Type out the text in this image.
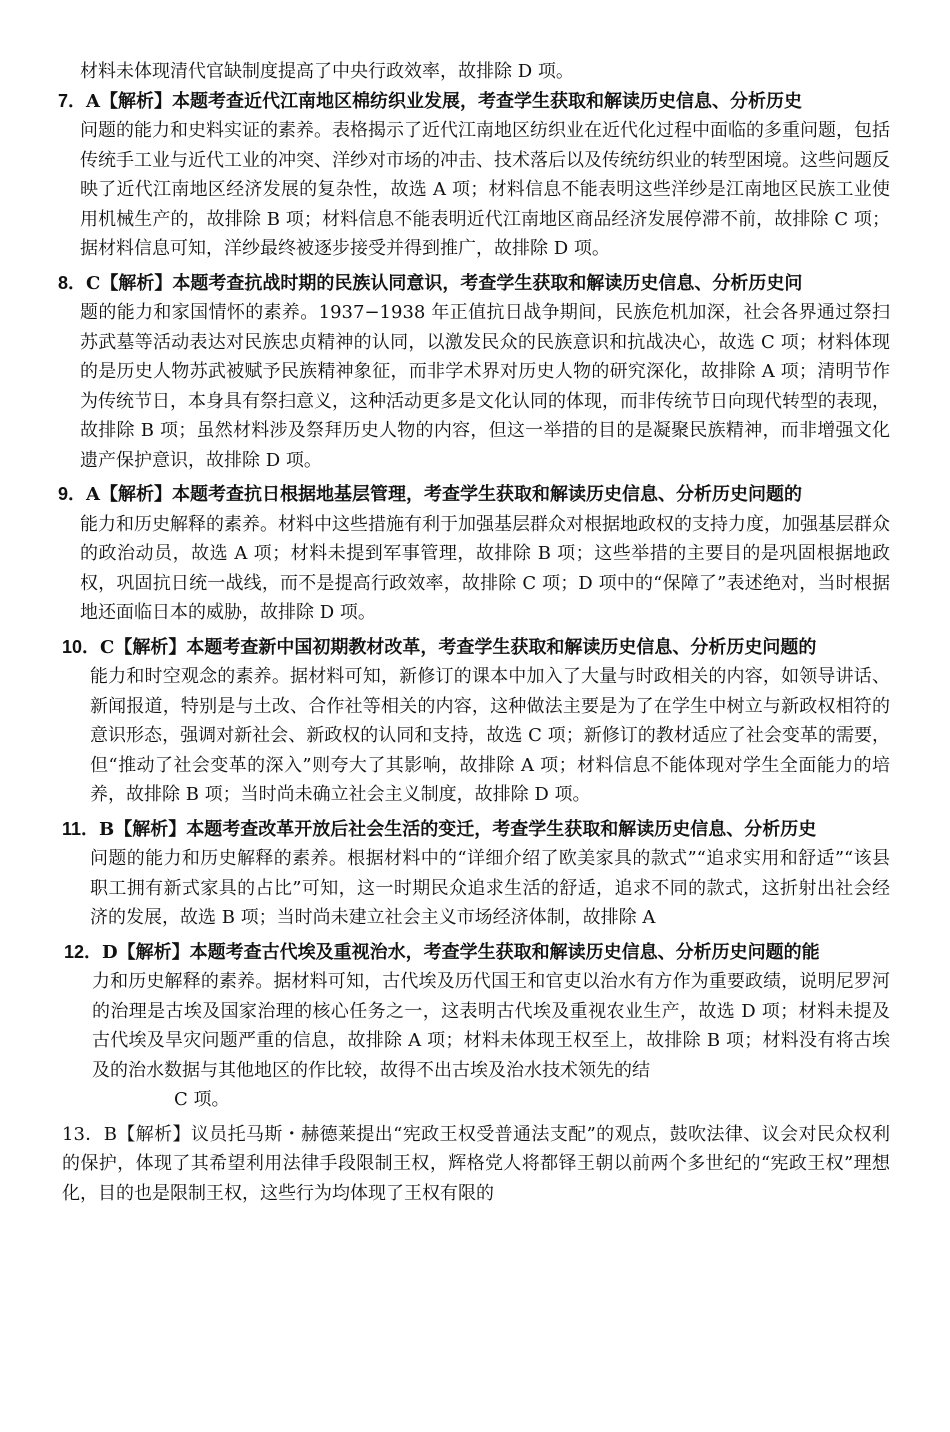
材料未体现清代官缺制度提高了中央行政效率，故排除 D 项。
7．A【解析】本题考查近代江南地区棉纺织业发展，考查学生获取和解读历史信息、分析历史
问题的能力和史料实证的素养。表格揭示了近代江南地区纺织业在近代化过程中面临的多重问题，包括传统手工业与近代工业的冲突、洋纱对市场的冲击、技术落后以及传统纺织业的转型困境。这些问题反映了近代江南地区经济发展的复杂性，故选 A 项；材料信息不能表明这些洋纱是江南地区民族工业使用机械生产的，故排除 B 项；材料信息不能表明近代江南地区商品经济发展停滞不前，故排除 C 项；据材料信息可知，洋纱最终被逐步接受并得到推广，故排除 D 项。
8．C【解析】本题考查抗战时期的民族认同意识，考查学生获取和解读历史信息、分析历史问
题的能力和家国情怀的素养。1937−1938 年正值抗日战争期间，民族危机加深，社会各界通过祭扫苏武墓等活动表达对民族忠贞精神的认同，以激发民众的民族意识和抗战决心，故选 C 项；材料体现的是历史人物苏武被赋予民族精神象征，而非学术界对历史人物的研究深化，故排除 A 项；清明节作为传统节日，本身具有祭扫意义，这种活动更多是文化认同的体现，而非传统节日向现代转型的表现，故排除 B 项；虽然材料涉及祭拜历史人物的内容，但这一举措的目的是凝聚民族精神，而非增强文化遗产保护意识，故排除 D 项。
9．A【解析】本题考查抗日根据地基层管理，考查学生获取和解读历史信息、分析历史问题的
能力和历史解释的素养。材料中这些措施有利于加强基层群众对根据地政权的支持力度，加强基层群众的政治动员，故选 A 项；材料未提到军事管理，故排除 B 项；这些举措的主要目的是巩固根据地政权，巩固抗日统一战线，而不是提高行政效率，故排除 C 项；D 项中的“保障了”表述绝对，当时根据地还面临日本的威胁，故排除 D 项。
10．C【解析】本题考查新中国初期教材改革，考查学生获取和解读历史信息、分析历史问题的
能力和时空观念的素养。据材料可知，新修订的课本中加入了大量与时政相关的内容，如领导讲话、新闻报道，特别是与土改、合作社等相关的内容，这种做法主要是为了在学生中树立与新政权相符的意识形态，强调对新社会、新政权的认同和支持，故选 C 项；新修订的教材适应了社会变革的需要，但“推动了社会变革的深入”则夸大了其影响，故排除 A 项；材料信息不能体现对学生全面能力的培养，故排除 B 项；当时尚未确立社会主义制度，故排除 D 项。
11．B【解析】本题考查改革开放后社会生活的变迁，考查学生获取和解读历史信息、分析历史
问题的能力和历史解释的素养。根据材料中的“详细介绍了欧美家具的款式”“追求实用和舒适”“该县职工拥有新式家具的占比”可知，这一时期民众追求生活的舒适，追求不同的款式，这折射出社会经济的发展，故选 B 项；当时尚未建立社会主义市场经济体制，故排除 A
12．D【解析】本题考查古代埃及重视治水，考查学生获取和解读历史信息、分析历史问题的能
力和历史解释的素养。据材料可知，古代埃及历代国王和官吏以治水有方作为重要政绩，说明尼罗河的治理是古埃及国家治理的核心任务之一，这表明古代埃及重视农业生产，故选 D 项；材料未提及古代埃及旱灾问题严重的信息，故排除 A 项；材料未体现王权至上，故排除 B 项；材料没有将古埃及的治水数据与其他地区的作比较，故得不出古埃及治水技术领先的结
C 项。
13．B【解析】议员托马斯・赫德莱提出“宪政王权受普通法支配”的观点，鼓吹法律、议会对民众权利的保护，体现了其希望利用法律手段限制王权，辉格党人将都铎王朝以前两个多世纪的“宪政王权”理想化，目的也是限制王权，这些行为均体现了王权有限的
